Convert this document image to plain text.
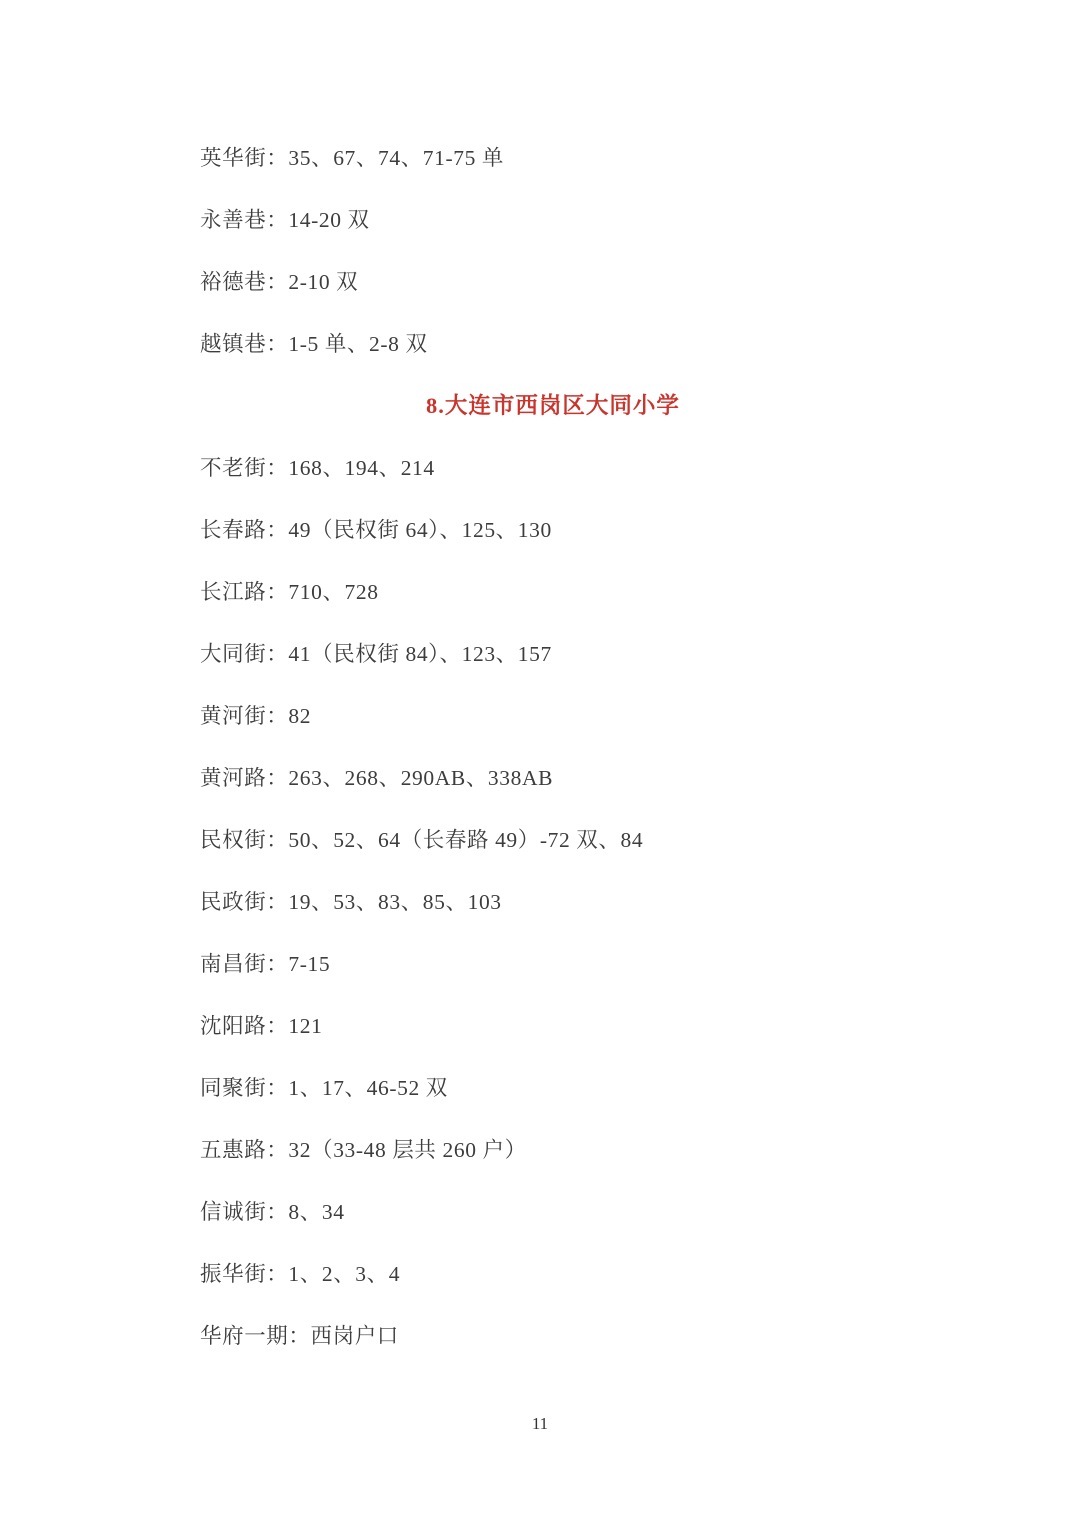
英华街：35、67、74、71-75 单

永善巷：14-20 双

裕德巷：2-10 双

越镇巷：1-5 单、2-8 双

8.大连市西岗区大同小学

不老街：168、194、214

长春路：49（民权街 64）、125、130

长江路：710、728

大同街：41（民权街 84）、123、157

黄河街：82

黄河路：263、268、290AB、338AB

民权街：50、52、64（长春路 49）-72 双、84

民政街：19、53、83、85、103

南昌街：7-15

沈阳路：121

同聚街：1、17、46-52 双

五惠路：32（33-48 层共 260 户）

信诚街：8、34

振华街：1、2、3、4

华府一期：西岗户口

11
